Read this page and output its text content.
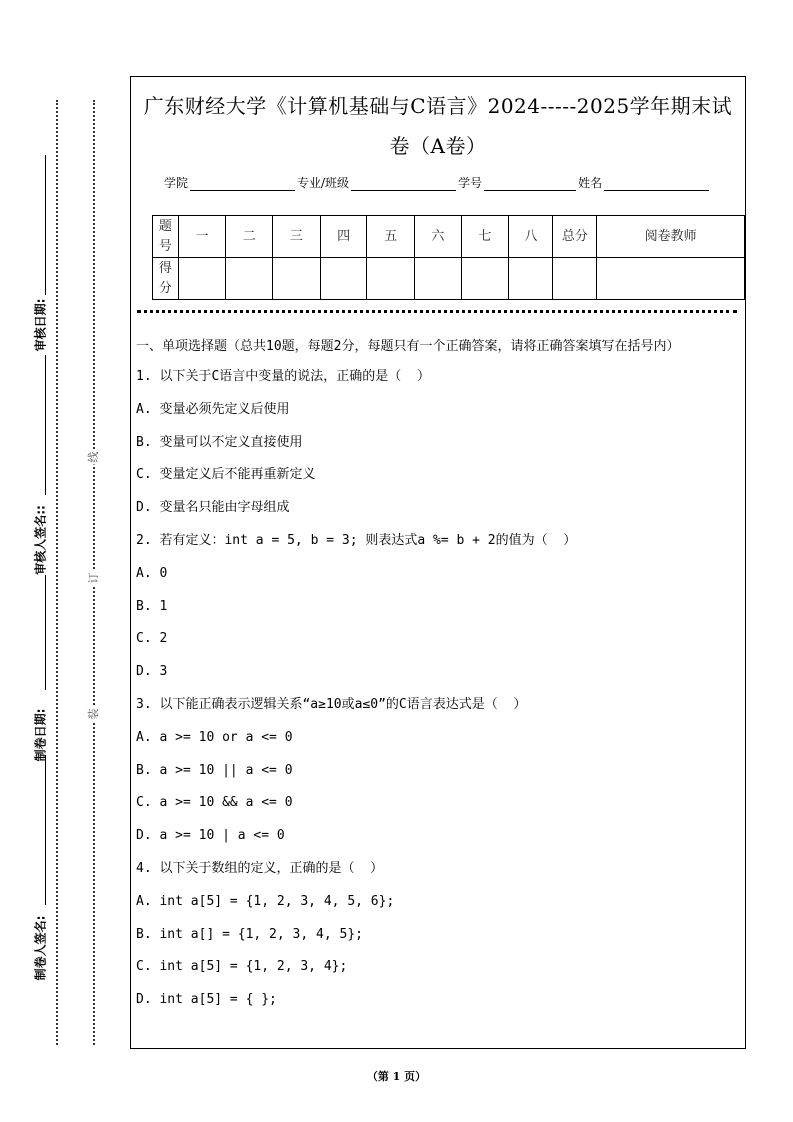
审核日期:
审核人签名::
制卷日期:
制卷人签名:
线
订
装
广东财经大学《计算机基础与C语言》2024-----2025学年期末试
卷（A卷）
学院	专业/班级	学号	姓名
题号	一	二	三	四	五	六	七	八	总分	阅卷教师
得分										
一、单项选择题（总共10题，每题2分，每题只有一个正确答案，请将正确答案填写在括号内）
1. 以下关于C语言中变量的说法，正确的是（  ）
A. 变量必须先定义后使用
B. 变量可以不定义直接使用
C. 变量定义后不能再重新定义
D. 变量名只能由字母组成
2. 若有定义：int a = 5, b = 3; 则表达式a %= b + 2的值为（  ）
A. 0
B. 1
C. 2
D. 3
3. 以下能正确表示逻辑关系“a≥10或a≤0”的C语言表达式是（  ）
A. a >= 10 or a <= 0
B. a >= 10 || a <= 0
C. a >= 10 && a <= 0
D. a >= 10 | a <= 0
4. 以下关于数组的定义，正确的是（  ）
A. int a[5] = {1, 2, 3, 4, 5, 6};
B. int a[] = {1, 2, 3, 4, 5};
C. int a[5] = {1, 2, 3, 4};
D. int a[5] = { };
（第 1 页）
